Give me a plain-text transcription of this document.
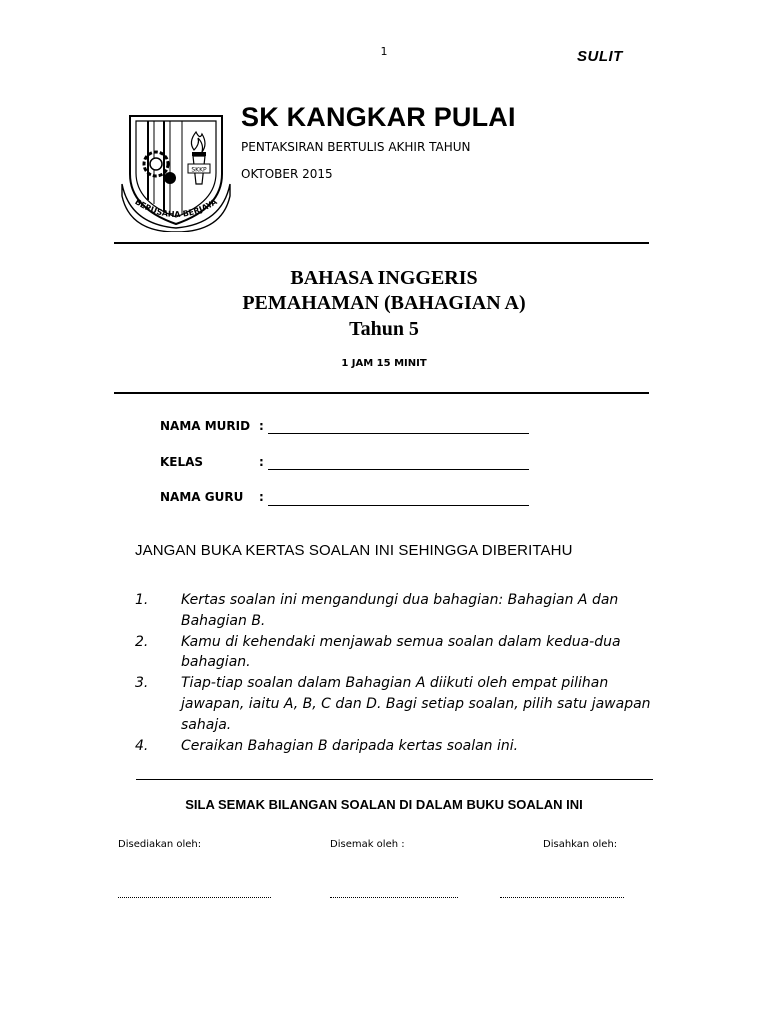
1	SULIT
SKKP
BERUSAHA BERJAYA
SK KANGKAR PULAI
PENTAKSIRAN BERTULIS AKHIR TAHUN
OKTOBER 2015
BAHASA INGGERIS
PEMAHAMAN (BAHAGIAN A)
Tahun 5
1 JAM 15 MINIT
NAMA MURID :
KELAS	:
NAMA GURU :
JANGAN BUKA KERTAS SOALAN INI SEHINGGA DIBERITAHU
1.	Kertas soalan ini mengandungi dua bahagian: Bahagian A dan Bahagian B.
2.	Kamu di kehendaki menjawab semua soalan dalam kedua-dua bahagian.
3.	Tiap-tiap soalan dalam Bahagian A diikuti oleh empat pilihan jawapan, iaitu A, B, C dan D. Bagi setiap soalan, pilih satu jawapan sahaja.
4.	Ceraikan Bahagian B daripada kertas soalan ini.
SILA SEMAK BILANGAN SOALAN DI DALAM BUKU SOALAN INI
Disediakan oleh:	Disemak oleh :	Disahkan oleh:
